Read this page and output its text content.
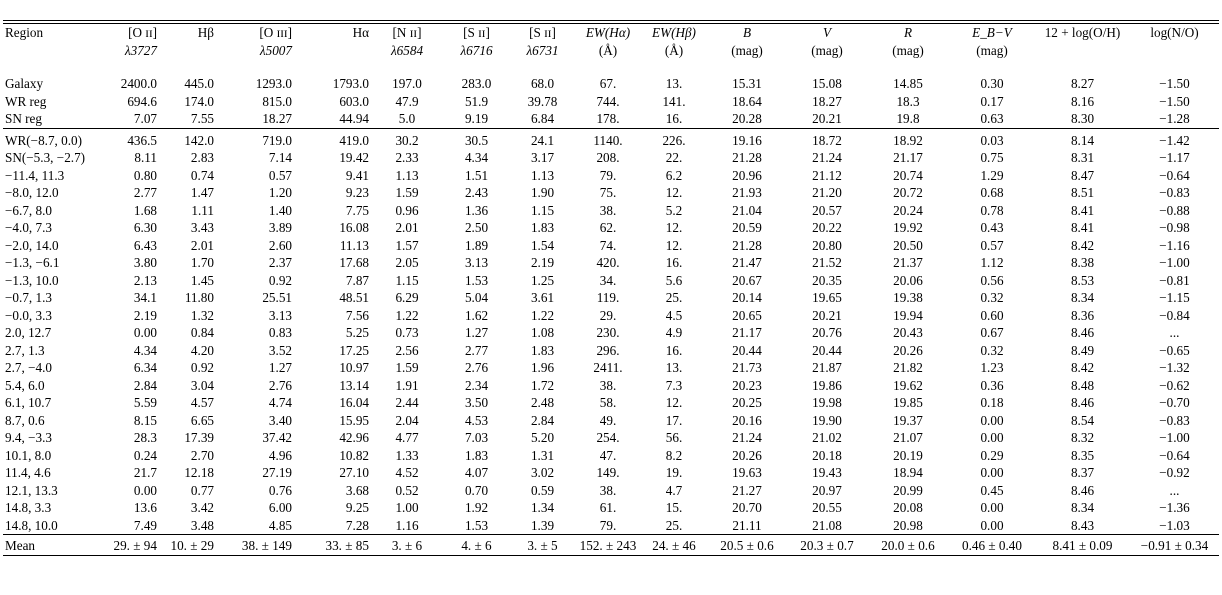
Region	[O ɪɪ]	Hβ	[O ɪɪɪ]	Hα	[N ɪɪ]	[S ɪɪ]	[S ɪɪ]	EW(Hα)	EW(Hβ)	B	V	R	E_B−V	12 + log(O/H)	log(N/O)
	λ3727		λ5007		λ6584	λ6716	λ6731	(Å)	(Å)	(mag)	(mag)	(mag)	(mag)		
Galaxy	2400.0	445.0	1293.0	1793.0	197.0	283.0	68.0	67.	13.	15.31	15.08	14.85	0.30	8.27	−1.50
WR reg	694.6	174.0	815.0	603.0	47.9	51.9	39.78	744.	141.	18.64	18.27	18.3	0.17	8.16	−1.50
SN reg	7.07	7.55	18.27	44.94	5.0	9.19	6.84	178.	16.	20.28	20.21	19.8	0.63	8.30	−1.28
WR(−8.7, 0.0)	436.5	142.0	719.0	419.0	30.2	30.5	24.1	1140.	226.	19.16	18.72	18.92	0.03	8.14	−1.42
SN(−5.3, −2.7)	8.11	2.83	7.14	19.42	2.33	4.34	3.17	208.	22.	21.28	21.24	21.17	0.75	8.31	−1.17
−11.4, 11.3	0.80	0.74	0.57	9.41	1.13	1.51	1.13	79.	6.2	20.96	21.12	20.74	1.29	8.47	−0.64
−8.0, 12.0	2.77	1.47	1.20	9.23	1.59	2.43	1.90	75.	12.	21.93	21.20	20.72	0.68	8.51	−0.83
−6.7, 8.0	1.68	1.11	1.40	7.75	0.96	1.36	1.15	38.	5.2	21.04	20.57	20.24	0.78	8.41	−0.88
−4.0, 7.3	6.30	3.43	3.89	16.08	2.01	2.50	1.83	62.	12.	20.59	20.22	19.92	0.43	8.41	−0.98
−2.0, 14.0	6.43	2.01	2.60	11.13	1.57	1.89	1.54	74.	12.	21.28	20.80	20.50	0.57	8.42	−1.16
−1.3, −6.1	3.80	1.70	2.37	17.68	2.05	3.13	2.19	420.	16.	21.47	21.52	21.37	1.12	8.38	−1.00
−1.3, 10.0	2.13	1.45	0.92	7.87	1.15	1.53	1.25	34.	5.6	20.67	20.35	20.06	0.56	8.53	−0.81
−0.7, 1.3	34.1	11.80	25.51	48.51	6.29	5.04	3.61	119.	25.	20.14	19.65	19.38	0.32	8.34	−1.15
−0.0, 3.3	2.19	1.32	3.13	7.56	1.22	1.62	1.22	29.	4.5	20.65	20.21	19.94	0.60	8.36	−0.84
2.0, 12.7	0.00	0.84	0.83	5.25	0.73	1.27	1.08	230.	4.9	21.17	20.76	20.43	0.67	8.46	...
2.7, 1.3	4.34	4.20	3.52	17.25	2.56	2.77	1.83	296.	16.	20.44	20.44	20.26	0.32	8.49	−0.65
2.7, −4.0	6.34	0.92	1.27	10.97	1.59	2.76	1.96	2411.	13.	21.73	21.87	21.82	1.23	8.42	−1.32
5.4, 6.0	2.84	3.04	2.76	13.14	1.91	2.34	1.72	38.	7.3	20.23	19.86	19.62	0.36	8.48	−0.62
6.1, 10.7	5.59	4.57	4.74	16.04	2.44	3.50	2.48	58.	12.	20.25	19.98	19.85	0.18	8.46	−0.70
8.7, 0.6	8.15	6.65	3.40	15.95	2.04	4.53	2.84	49.	17.	20.16	19.90	19.37	0.00	8.54	−0.83
9.4, −3.3	28.3	17.39	37.42	42.96	4.77	7.03	5.20	254.	56.	21.24	21.02	21.07	0.00	8.32	−1.00
10.1, 8.0	0.24	2.70	4.96	10.82	1.33	1.83	1.31	47.	8.2	20.26	20.18	20.19	0.29	8.35	−0.64
11.4, 4.6	21.7	12.18	27.19	27.10	4.52	4.07	3.02	149.	19.	19.63	19.43	18.94	0.00	8.37	−0.92
12.1, 13.3	0.00	0.77	0.76	3.68	0.52	0.70	0.59	38.	4.7	21.27	20.97	20.99	0.45	8.46	...
14.8, 3.3	13.6	3.42	6.00	9.25	1.00	1.92	1.34	61.	15.	20.70	20.55	20.08	0.00	8.34	−1.36
14.8, 10.0	7.49	3.48	4.85	7.28	1.16	1.53	1.39	79.	25.	21.11	21.08	20.98	0.00	8.43	−1.03
Mean	29. ± 94	10. ± 29	38. ± 149	33. ± 85	3. ± 6	4. ± 6	3. ± 5	152. ± 243	24. ± 46	20.5 ± 0.6	20.3 ± 0.7	20.0 ± 0.6	0.46 ± 0.40	8.41 ± 0.09	−0.91 ± 0.34
